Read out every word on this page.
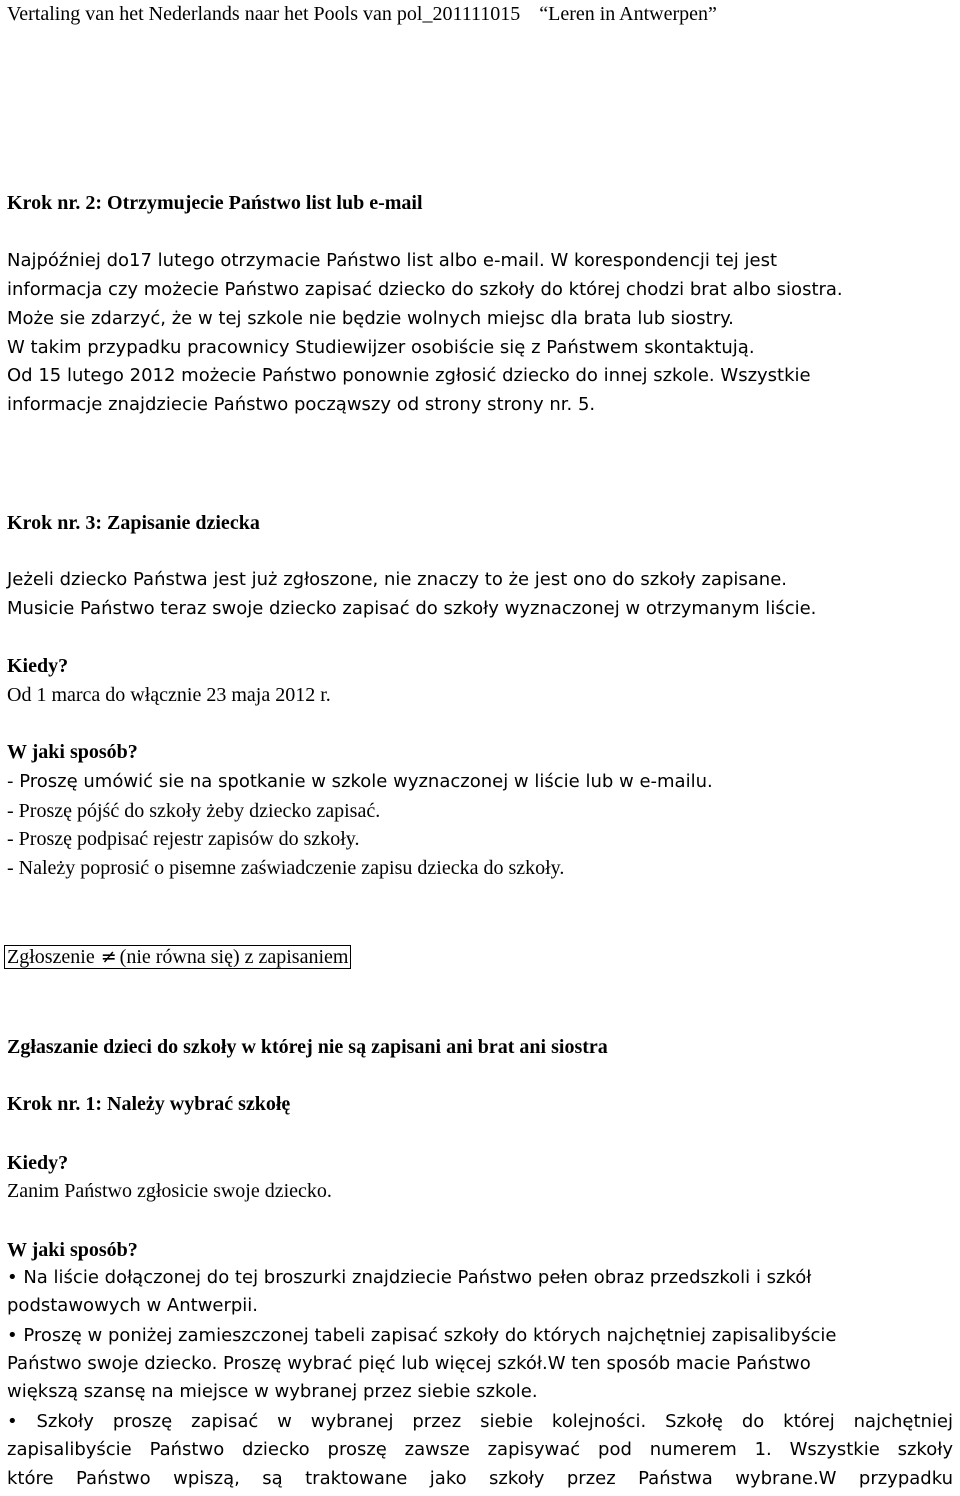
Vertaling van het Nederlands naar het Pools van pol_201111015 “Leren in Antwerpen”
Krok nr. 2: Otrzymujecie Państwo list lub e-mail
Najpóźniej do17 lutego otrzymacie Państwo list albo e-mail. W korespondencji tej jest
informacja czy możecie Państwo zapisać dziecko do szkoły do której chodzi brat albo siostra.
Może sie zdarzyć, że w tej szkole nie będzie wolnych miejsc dla brata lub siostry.
W takim przypadku pracownicy Studiewijzer osobiście się z Państwem skontaktują.
Od 15 lutego 2012 możecie Państwo ponownie zgłosić dziecko do innej szkole. Wszystkie
informacje znajdziecie Państwo począwszy od strony strony nr. 5.
Krok nr. 3: Zapisanie dziecka
Jeżeli dziecko Państwa jest już zgłoszone, nie znaczy to że jest ono do szkoły zapisane.
Musicie Państwo teraz swoje dziecko zapisać do szkoły wyznaczonej w otrzymanym liście.
Kiedy?
Od 1 marca do włącznie 23 maja 2012 r.
W jaki sposób?
- Proszę umówić sie na spotkanie w szkole wyznaczonej w liście lub w e-mailu.
- Proszę pójść do szkoły żeby dziecko zapisać.
- Proszę podpisać rejestr zapisów do szkoły.
- Należy poprosić o pisemne zaświadczenie zapisu dziecka do szkoły.
Zgłoszenie ≠ (nie równa się) z zapisaniem
Zgłaszanie dzieci do szkoły w której nie są zapisani ani brat ani siostra
Krok nr. 1: Należy wybrać szkołę
Kiedy?
Zanim Państwo zgłosicie swoje dziecko.
W jaki sposób?
• Na liście dołączonej do tej broszurki znajdziecie Państwo pełen obraz przedszkoli i szkół
podstawowych w Antwerpii.
• Proszę w poniżej zamieszczonej tabeli zapisać szkoły do których najchętniej zapisalibyście
Państwo swoje dziecko. Proszę wybrać pięć lub więcej szkół.W ten sposób macie Państwo
większą szansę na miejsce w wybranej przez siebie szkole.
• Szkoły proszę zapisać w wybranej przez siebie kolejności. Szkołę do której najchętniej
zapisalibyście Państwo dziecko proszę zawsze zapisywać pod numerem 1. Wszystkie szkoły
które Państwo wpiszą, są traktowane jako szkoły przez Państwa wybrane.W przypadku
